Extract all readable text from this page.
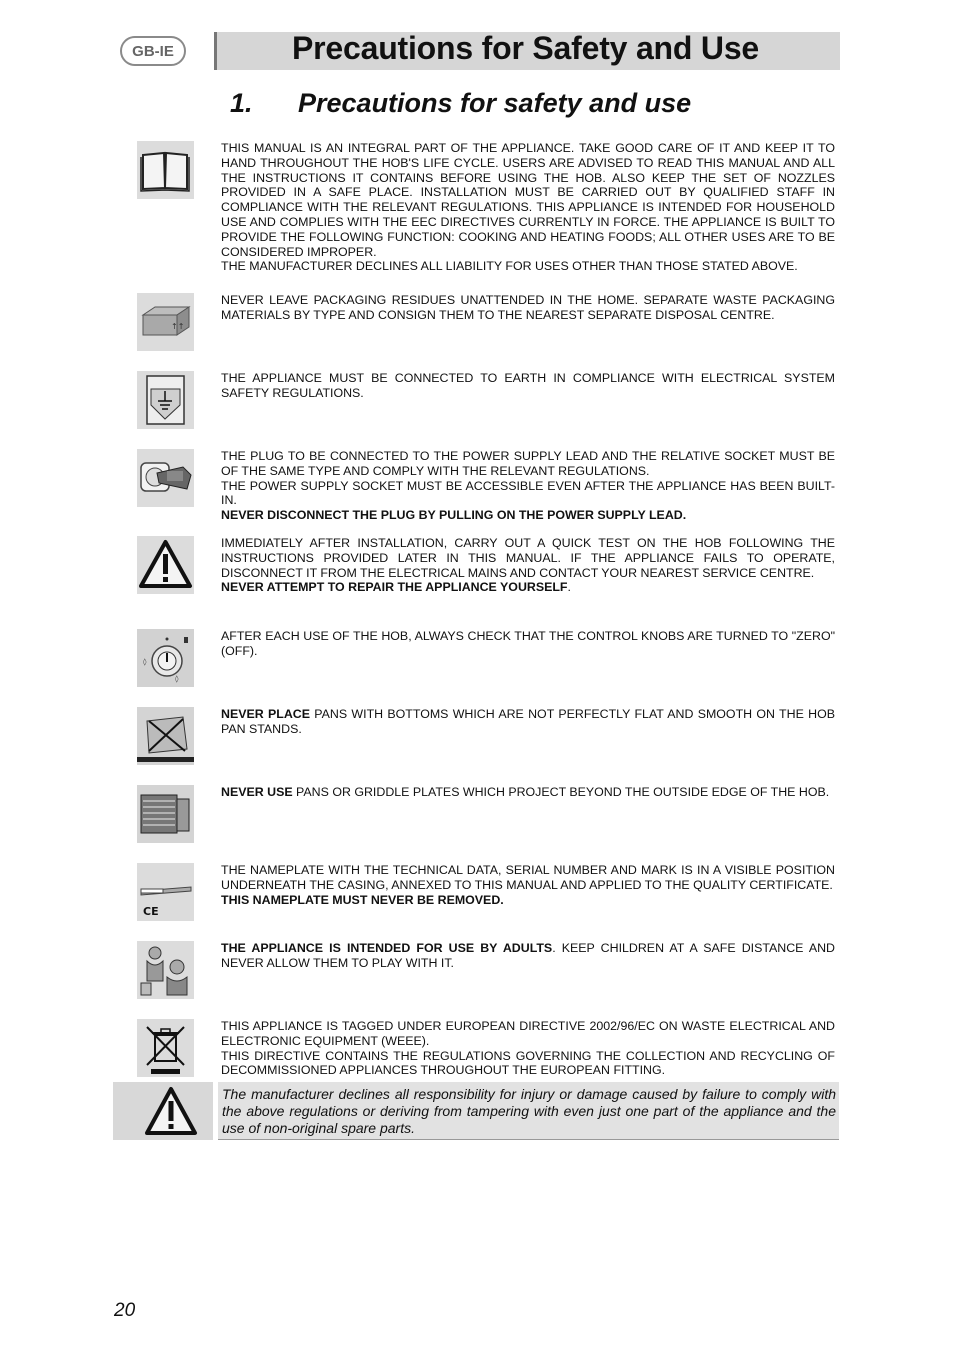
GB-IE	Precautions for Safety and Use
1. Precautions for safety and use
↑↑
◊
◊
CE

THIS MANUAL IS AN INTEGRAL PART OF THE APPLIANCE. TAKE GOOD CARE OF IT AND KEEP IT TO HAND THROUGHOUT THE HOB'S LIFE CYCLE. USERS ARE ADVISED TO READ THIS MANUAL AND ALL THE INSTRUCTIONS IT CONTAINS BEFORE USING THE HOB. ALSO KEEP THE SET OF NOZZLES PROVIDED IN A SAFE PLACE. INSTALLATION MUST BE CARRIED OUT BY QUALIFIED STAFF IN COMPLIANCE WITH THE RELEVANT REGULATIONS. THIS APPLIANCE IS INTENDED FOR HOUSEHOLD USE AND COMPLIES WITH THE EEC DIRECTIVES CURRENTLY IN FORCE. THE APPLIANCE IS BUILT TO PROVIDE THE FOLLOWING FUNCTION: COOKING AND HEATING FOODS; ALL OTHER USES ARE TO BE CONSIDERED IMPROPER.

THE MANUFACTURER DECLINES ALL LIABILITY FOR USES OTHER THAN THOSE STATED ABOVE.

NEVER LEAVE PACKAGING RESIDUES UNATTENDED IN THE HOME. SEPARATE WASTE PACKAGING MATERIALS BY TYPE AND CONSIGN THEM TO THE NEAREST SEPARATE DISPOSAL CENTRE.

THE APPLIANCE MUST BE CONNECTED TO EARTH IN COMPLIANCE WITH ELECTRICAL SYSTEM SAFETY REGULATIONS.

THE PLUG TO BE CONNECTED TO THE POWER SUPPLY LEAD AND THE RELATIVE SOCKET MUST BE OF THE SAME TYPE AND COMPLY WITH THE RELEVANT REGULATIONS.

THE POWER SUPPLY SOCKET MUST BE ACCESSIBLE EVEN AFTER THE APPLIANCE HAS BEEN BUILT-IN.

NEVER DISCONNECT THE PLUG BY PULLING ON THE POWER SUPPLY LEAD.

IMMEDIATELY AFTER INSTALLATION, CARRY OUT A QUICK TEST ON THE HOB FOLLOWING THE INSTRUCTIONS PROVIDED LATER IN THIS MANUAL. IF THE APPLIANCE FAILS TO OPERATE, DISCONNECT IT FROM THE ELECTRICAL MAINS AND CONTACT YOUR NEAREST SERVICE CENTRE.

NEVER ATTEMPT TO REPAIR THE APPLIANCE YOURSELF.

AFTER EACH USE OF THE HOB, ALWAYS CHECK THAT THE CONTROL KNOBS ARE TURNED TO "ZERO" (OFF).

NEVER PLACE PANS WITH BOTTOMS WHICH ARE NOT PERFECTLY FLAT AND SMOOTH ON THE HOB PAN STANDS.

NEVER USE PANS OR GRIDDLE PLATES WHICH PROJECT BEYOND THE OUTSIDE EDGE OF THE HOB.

THE NAMEPLATE WITH THE TECHNICAL DATA, SERIAL NUMBER AND MARK IS IN A VISIBLE POSITION UNDERNEATH THE CASING, ANNEXED TO THIS MANUAL AND APPLIED TO THE QUALITY CERTIFICATE.

THIS NAMEPLATE MUST NEVER BE REMOVED.

THE APPLIANCE IS INTENDED FOR USE BY ADULTS. KEEP CHILDREN AT A SAFE DISTANCE AND NEVER ALLOW THEM TO PLAY WITH IT.

THIS APPLIANCE IS TAGGED UNDER EUROPEAN DIRECTIVE 2002/96/EC ON WASTE ELECTRICAL AND ELECTRONIC EQUIPMENT (WEEE).

THIS DIRECTIVE CONTAINS THE REGULATIONS GOVERNING THE COLLECTION AND RECYCLING OF DECOMMISSIONED APPLIANCES THROUGHOUT THE EUROPEAN FITTING.

The manufacturer declines all responsibility for injury or damage caused by failure to comply with the above regulations or deriving from tampering with even just one part of the appliance and the use of non-original spare parts.
20
